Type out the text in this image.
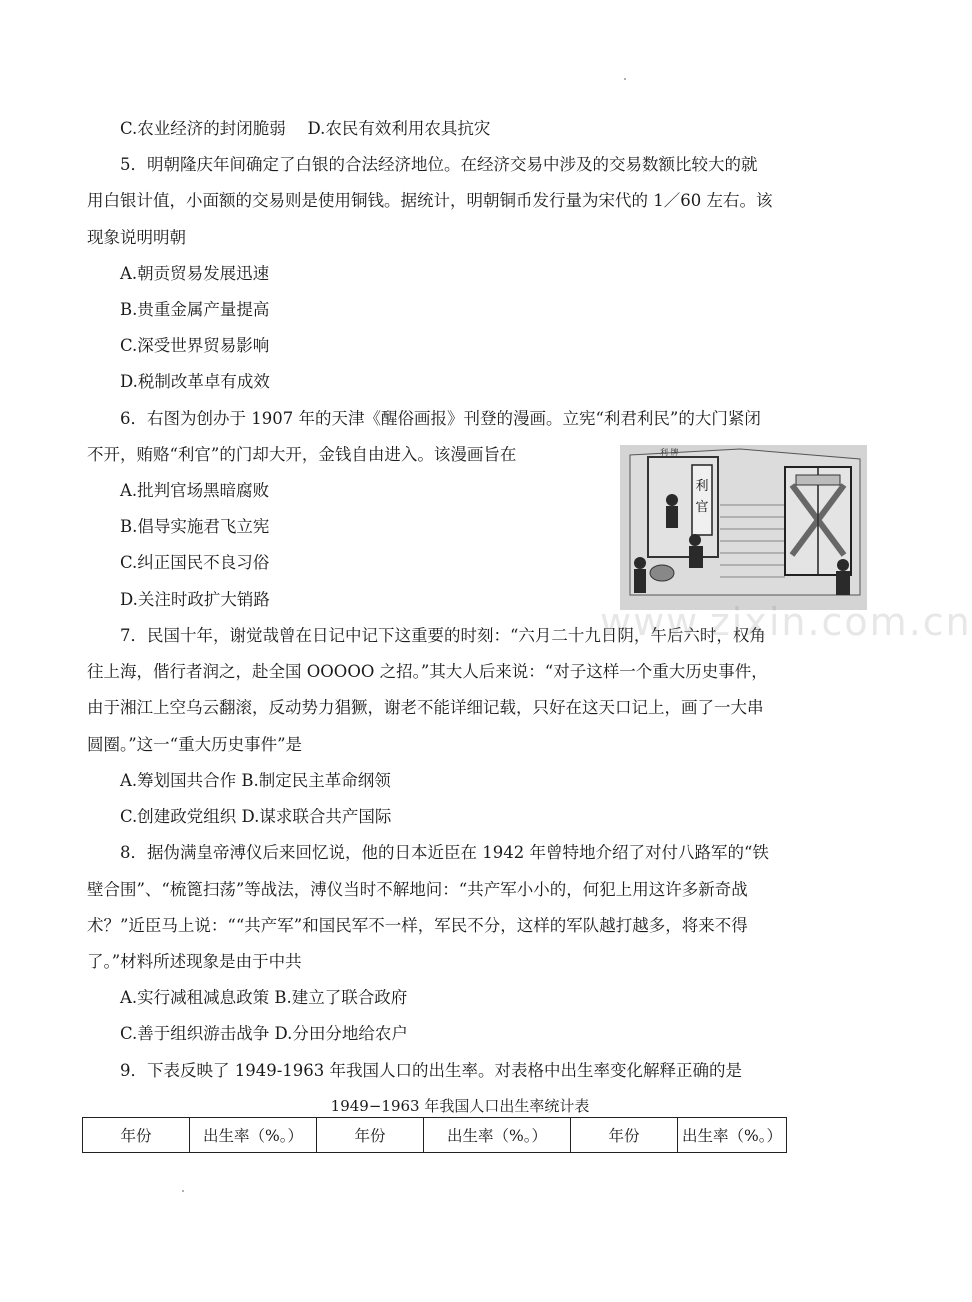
C.农业经济的封闭脆弱　 D.农民有效利用农具抗灾
5．明朝隆庆年间确定了白银的合法经济地位。在经济交易中涉及的交易数额比较大的就
用白银计值，小面额的交易则是使用铜钱。据统计，明朝铜币发行量为宋代的 1／60 左右。该
现象说明明朝
A.朝贡贸易发展迅速
B.贵重金属产量提高
C.深受世界贸易影响
D.税制改革卓有成效
6．右图为创办于 1907 年的天津《醒俗画报》刊登的漫画。立宪“利君利民”的大门紧闭
不开，贿赂“利官”的门却大开，金钱自由进入。该漫画旨在
A.批判官场黑暗腐败
B.倡导实施君飞立宪
C.纠正国民不良习俗
D.关注时政扩大销路
7．民国十年，谢觉哉曾在日记中记下这重要的时刻：“六月二十九日阴，午后六时，权角
往上海，偕行者润之，赴全国 OOOOO 之招。”其大人后来说：“对子这样一个重大历史事件，
由于湘江上空乌云翻滚，反动势力猖獗，谢老不能详细记载，只好在这天口记上，画了一大串
圆圈。”这一“重大历史事件”是
A.筹划国共合作 B.制定民主革命纲领
C.创建政党组织 D.谋求联合共产国际
8．据伪满皇帝溥仪后来回忆说，他的日本近臣在 1942 年曾特地介绍了对付八路军的“铁
壁合围”、“梳篦扫荡”等战法，溥仪当时不解地问：“共产军小小的，何犯上用这许多新奇战
术？”近臣马上说：““共产军”和国民军不一样，军民不分，这样的军队越打越多，将来不得
了。”材料所述现象是由于中共
A.实行减租减息政策 B.建立了联合政府
C.善于组织游击战争 D.分田分地给农户
9．下表反映了 1949-1963 年我国人口的出生率。对表格中出生率变化解释正确的是
利
官
利 牌
www.zixin.com.cn
1949−1963 年我国人口出生率统计表
年份	出生率（%。）	年份	出生率（%。）	年份	出生率（%。）
